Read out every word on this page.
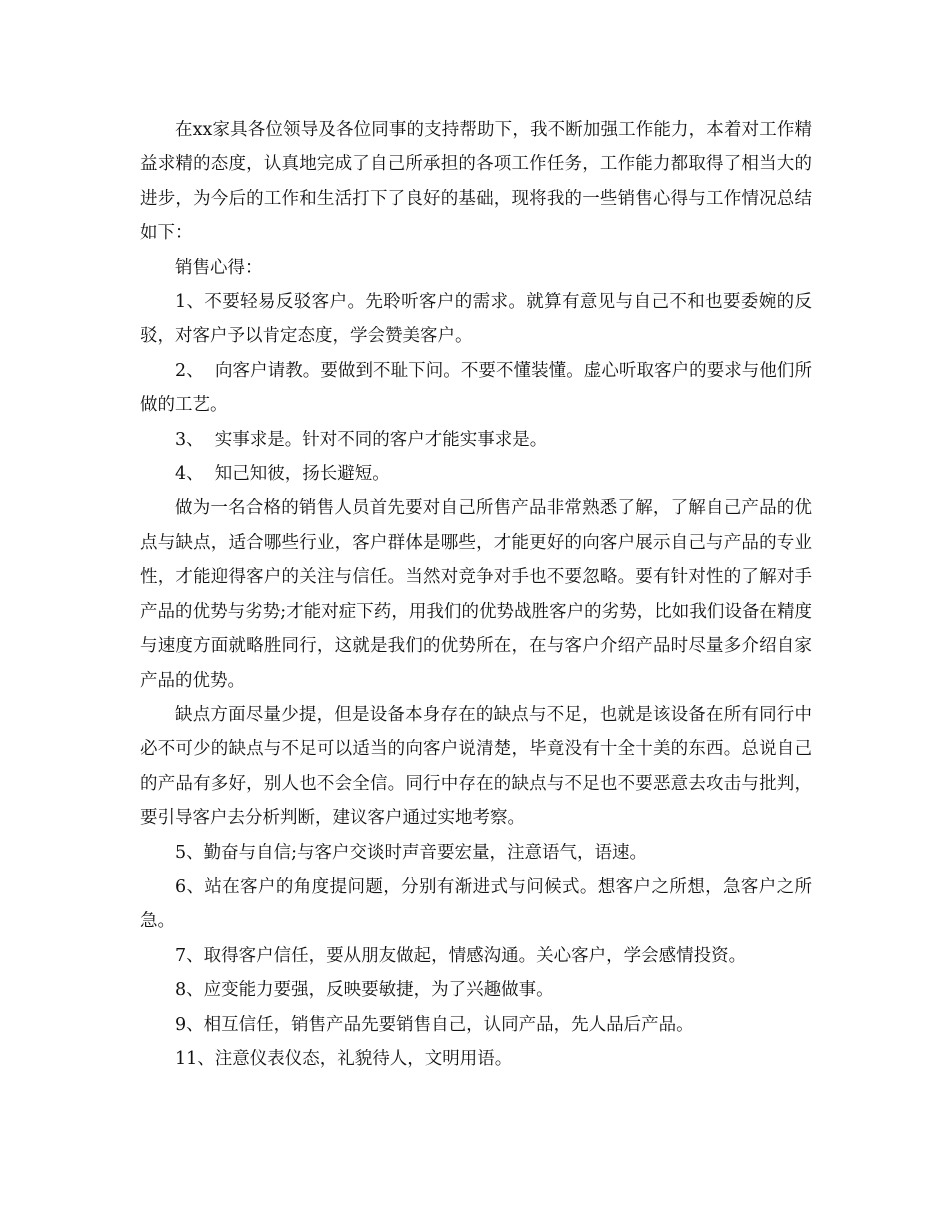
在xx家具各位领导及各位同事的支持帮助下，我不断加强工作能力，本着对工作精益求精的态度，认真地完成了自己所承担的各项工作任务，工作能力都取得了相当大的进步，为今后的工作和生活打下了良好的基础，现将我的一些销售心得与工作情况总结如下：

销售心得：

1、不要轻易反驳客户。先聆听客户的需求。就算有意见与自己不和也要委婉的反驳，对客户予以肯定态度，学会赞美客户。

2、  向客户请教。要做到不耻下问。不要不懂装懂。虚心听取客户的要求与他们所做的工艺。

3、  实事求是。针对不同的客户才能实事求是。

4、  知己知彼，扬长避短。

做为一名合格的销售人员首先要对自己所售产品非常熟悉了解，了解自己产品的优点与缺点，适合哪些行业，客户群体是哪些，才能更好的向客户展示自己与产品的专业性，才能迎得客户的关注与信任。当然对竞争对手也不要忽略。要有针对性的了解对手产品的优势与劣势;才能对症下药，用我们的优势战胜客户的劣势，比如我们设备在精度与速度方面就略胜同行，这就是我们的优势所在，在与客户介绍产品时尽量多介绍自家产品的优势。

缺点方面尽量少提，但是设备本身存在的缺点与不足，也就是该设备在所有同行中必不可少的缺点与不足可以适当的向客户说清楚，毕竟没有十全十美的东西。总说自己的产品有多好，别人也不会全信。同行中存在的缺点与不足也不要恶意去攻击与批判，要引导客户去分析判断，建议客户通过实地考察。

5、勤奋与自信;与客户交谈时声音要宏量，注意语气，语速。

6、站在客户的角度提问题，分别有渐进式与问候式。想客户之所想，急客户之所急。

7、取得客户信任，要从朋友做起，情感沟通。关心客户，学会感情投资。

8、应变能力要强，反映要敏捷，为了兴趣做事。

9、相互信任，销售产品先要销售自己，认同产品，先人品后产品。

11、注意仪表仪态，礼貌待人，文明用语。
